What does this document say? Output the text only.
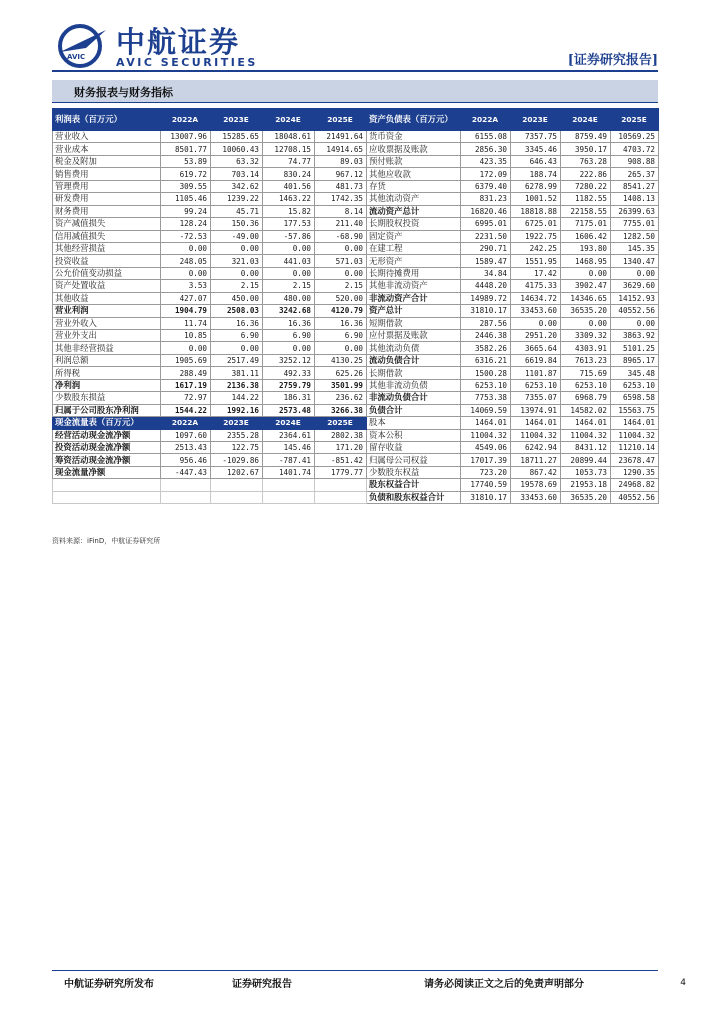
AVIC 中航证券
AVIC SECURITIES	[证券研究报告]
财务报表与财务指标
利润表（百万元）	2022A	2023E	2024E	2025E	资产负债表（百万元）	2022A	2023E	2024E	2025E
营业收入	13007.96	15285.65	18048.61	21491.64	货币资金	6155.08	7357.75	8759.49	10569.25
营业成本	8501.77	10060.43	12708.15	14914.65	应收票据及账款	2856.30	3345.46	3950.17	4703.72
税金及附加	53.89	63.32	74.77	89.03	预付账款	423.35	646.43	763.28	908.88
销售费用	619.72	703.14	830.24	967.12	其他应收款	172.09	188.74	222.86	265.37
管理费用	309.55	342.62	401.56	481.73	存货	6379.40	6278.99	7280.22	8541.27
研发费用	1105.46	1239.22	1463.22	1742.35	其他流动资产	831.23	1001.52	1182.55	1408.13
财务费用	99.24	45.71	15.82	8.14	流动资产总计	16820.46	18818.88	22158.55	26399.63
资产减值损失	128.24	150.36	177.53	211.40	长期股权投资	6995.01	6725.01	7175.01	7755.01
信用减值损失	-72.53	-49.00	-57.86	-68.90	固定资产	2231.50	1922.75	1606.42	1282.50
其他经营损益	0.00	0.00	0.00	0.00	在建工程	290.71	242.25	193.80	145.35
投资收益	248.05	321.03	441.03	571.03	无形资产	1589.47	1551.95	1468.95	1340.47
公允价值变动损益	0.00	0.00	0.00	0.00	长期待摊费用	34.84	17.42	0.00	0.00
资产处置收益	3.53	2.15	2.15	2.15	其他非流动资产	4448.20	4175.33	3902.47	3629.60
其他收益	427.07	450.00	480.00	520.00	非流动资产合计	14989.72	14634.72	14346.65	14152.93
营业利润	1904.79	2508.03	3242.68	4120.79	资产总计	31810.17	33453.60	36535.20	40552.56
营业外收入	11.74	16.36	16.36	16.36	短期借款	287.56	0.00	0.00	0.00
营业外支出	10.85	6.90	6.90	6.90	应付票据及账款	2446.38	2951.20	3309.32	3863.92
其他非经营损益	0.00	0.00	0.00	0.00	其他流动负债	3582.26	3665.64	4303.91	5101.25
利润总额	1905.69	2517.49	3252.12	4130.25	流动负债合计	6316.21	6619.84	7613.23	8965.17
所得税	288.49	381.11	492.33	625.26	长期借款	1500.28	1101.87	715.69	345.48
净利润	1617.19	2136.38	2759.79	3501.99	其他非流动负债	6253.10	6253.10	6253.10	6253.10
少数股东损益	72.97	144.22	186.31	236.62	非流动负债合计	7753.38	7355.07	6968.79	6598.58
归属于公司股东净利润	1544.22	1992.16	2573.48	3266.38	负债合计	14069.59	13974.91	14582.02	15563.75
现金流量表（百万元）	2022A	2023E	2024E	2025E	股本	1464.01	1464.01	1464.01	1464.01
经营活动现金流净额	1097.60	2355.28	2364.61	2802.38	资本公积	11004.32	11004.32	11004.32	11004.32
投资活动现金流净额	2513.43	122.75	145.46	171.20	留存收益	4549.06	6242.94	8431.12	11210.14
筹资活动现金流净额	956.46	-1029.86	-787.41	-851.42	归属母公司权益	17017.39	18711.27	20899.44	23678.47
现金流量净额	-447.43	1202.67	1401.74	1779.77	少数股东权益	723.20	867.42	1053.73	1290.35
					股东权益合计	17740.59	19578.69	21953.18	24968.82
					负债和股东权益合计	31810.17	33453.60	36535.20	40552.56
资料来源：iFinD，中航证券研究所
中航证券研究所发布	证券研究报告	请务必阅读正文之后的免责声明部分	4
